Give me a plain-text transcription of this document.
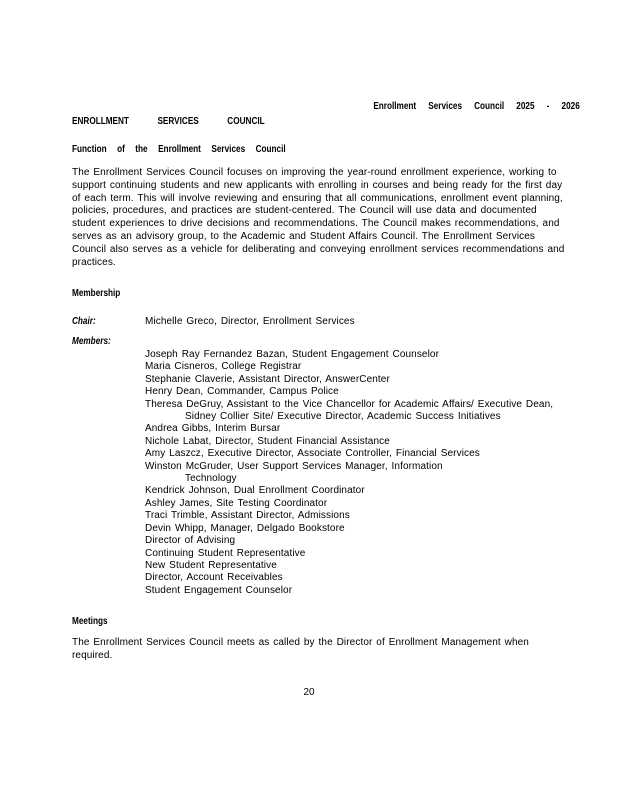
Enrollment Services Council 2025 - 2026
ENROLLMENT SERVICES COUNCIL
Function of the Enrollment Services Council
The Enrollment Services Council focuses on improving the year-round enrollment experience, working to
support continuing students and new applicants with enrolling in courses and being ready for the first day
of each term. This will involve reviewing and ensuring that all communications, enrollment event planning,
policies, procedures, and practices are student-centered. The Council will use data and documented
student experiences to drive decisions and recommendations. The Council makes recommendations, and
serves as an advisory group, to the Academic and Student Affairs Council. The Enrollment Services
Council also serves as a vehicle for deliberating and conveying enrollment services recommendations and
practices.
Membership
Chair:	Michelle Greco, Director, Enrollment Services
Members:
Joseph Ray Fernandez Bazan, Student Engagement Counselor
Maria Cisneros, College Registrar
Stephanie Claverie, Assistant Director, AnswerCenter
Henry Dean, Commander, Campus Police
Theresa DeGruy, Assistant to the Vice Chancellor for Academic Affairs/ Executive Dean,
Sidney Collier Site/ Executive Director, Academic Success Initiatives
Andrea Gibbs, Interim Bursar
Nichole Labat, Director, Student Financial Assistance
Amy Laszcz, Executive Director, Associate Controller, Financial Services
Winston McGruder, User Support Services Manager, Information
Technology
Kendrick Johnson, Dual Enrollment Coordinator
Ashley James, Site Testing Coordinator
Traci Trimble, Assistant Director, Admissions
Devin Whipp, Manager, Delgado Bookstore
Director of Advising
Continuing Student Representative
New Student Representative
Director, Account Receivables
Student Engagement Counselor
Meetings
The Enrollment Services Council meets as called by the Director of Enrollment Management when
required.
20
